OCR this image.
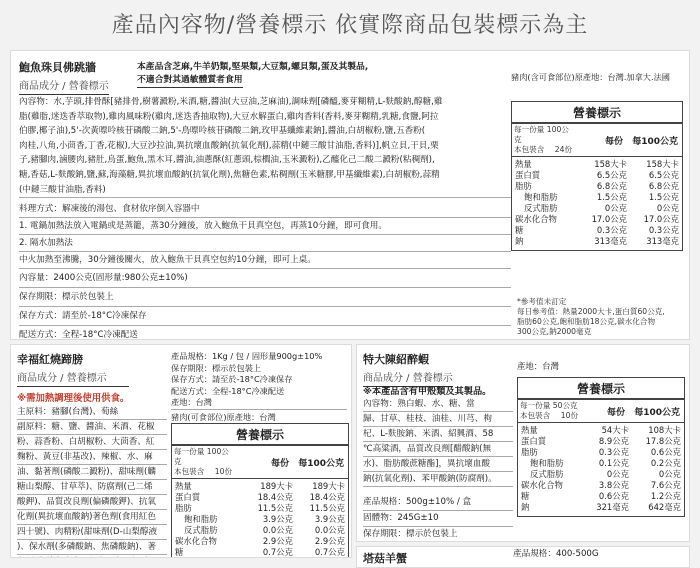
產品內容物/營養標示 依實際商品包裝標示為主
鮑魚珠貝佛跳牆
商品成分 / 營養標示
本產品含芝麻,牛羊奶類,堅果類,大豆類,螺貝類,蛋及其製品,
不適合對其過敏體質者食用	豬肉(含可食部位)原產地：台灣.加拿大.法國
內容物：水,芋頭,排骨酥[豬排骨,樹薯澱粉,米酒,糖,醬油(大豆油,芝麻油),調味劑[磷醯,麥芽糊精,L-麩酸鈉,醇糖,雞
脂(雞脂,迷迭香萃取物),雞肉風味粉(雞肉,迷迭香抽取物),大豆水解蛋白,雞肉香料(香料,麥芽糊精,乳糖,食鹽,阿拉
伯膠,椰子油),5'-次黃嘌呤核苷磷酸二鈉,5'-鳥嘌呤核苷磷酸二鈉,玫甲基纖維素鈉],醬油,白胡椒粉,鹽,五香粉(
肉桂,八角,小茴香,丁香,花椒),大豆沙拉油,異抗壞血酸鈉(抗氧化劑),蒜精(中鏈三酸甘油脂,香料)],帆立貝,干貝,栗
子,豬腳肉,滷腰肉,豬肚,烏蛋,鮑魚,黑木耳,醬油,油蔥酥(紅蔥頭,棕櫚油,玉米澱粉),乙醯化己二酸二澱粉(粘稠劑),
糖,香菇,L-麩酸鈉,鹽,蘇,海藻糖,異抗壞血酸鈉(抗氧化劑),焦糖色素,粘稠劑(玉米糖膠,甲基纖維素),白胡椒粉,蒜精
(中鏈三酸甘油脂,香料)
料理方式：解凍後的湯包、食材依序倒入容器中
1. 電鍋加熱法放入電鍋或是蒸籠，蒸30分鐘後，放入鮑魚干貝真空包，再蒸10分鐘，即可食用。
2. 隔水加熱法
中火加熱至沸騰，30分鐘後關火，放入鮑魚干貝真空包約10分鐘，即可上桌。
內容量：2400公克(固形量:980公克±10%)
保存期限：標示於包裝上
保存方式：請至於-18°C冷凍保存
配送方式：全程-18°C冷凍配送
營養標示
每一份量 100公克
本包裝含 24份
每份 每100公克
熱量	158大卡	158大卡
蛋白質	6.5公克	6.5公克
脂肪	6.8公克	6.8公克
飽和脂肪	1.5公克	1.5公克
反式脂肪	0公克	0公克
碳水化合物	17.0公克	17.0公克
糖	0.3公克	0.3公克
鈉	313毫克	313毫克
*參考值未訂定
每日參考值：熱量2000大卡,蛋白質60公克,
脂肪60公克,飽和脂肪18公克,碳水化合物
300公克,鈉2000毫克
幸福紅燒蹄膀
商品成分 / 營養標示
※需加熱調理後使用供食。
主原料：豬腳(台灣)、萄絲
副原料：糖、鹽、醬油、米酒、花椒
粉、蒜香粉、白胡椒粉、大茴香、紅
麴粉、黃豆(非基改)、辣椒、水、麻
油、黏著劑(磷酸二澱粉)、甜味劑(麟
糖山梨醇、甘草萃)、防腐劑(己二烯
酸鉀)、品質改良劑(偏磷酸鉀)、抗氧
化劑(異抗壞血酸鈉)著色劑(食用紅色
四十號)、肉精粉(甜味劑(D-山梨醇液
)、保水劑(多磷酸鈉、焦磷酸鈉)、著
產品規格：1Kg / 包 / 固形量900g±10%
保存期限：標示於包裝上
保存方式：請至於-18°C冷凍保存
配送方式：全程-18°C冷凍配送
產地：台灣
豬肉(可食部位)原產地：台灣
營養標示
每一份量 100公克
本包裝含 10份
每份 每100公克
熱量	189大卡	189大卡
蛋白質	18.4公克	18.4公克
脂肪	11.5公克	11.5公克
飽和脂肪	3.9公克	3.9公克
反式脂肪	0.0公克	0.0公克
碳水化合物	2.9公克	2.9公克
糖	0.7公克	0.7公克
特大陳紹醉蝦
商品成分 / 營養標示
產地：台灣
※本產品含有甲殼類及其製品。
內容物：熟白蝦、水、糖、當
歸、甘草、桂枝、油桂、川芎、枸
杞、L-麩胺鈉、米酒、紹興酒、58
℃高粱酒，品質改良劑[醋酸鈉(無
水)、脂肪酸蔗糖酯]，異抗壞血酸
鈉(抗氧化劑)、苯甲酸鈉(防腐劑)。
產品規格：500g±10% / 盒
固體物：245G±10
保存期限：標示於包裝上
營養標示
每一份量 50公克
本包裝含 10份	每份 每100公克
熱量	54大卡	108大卡
蛋白質	8.9公克	17.8公克
脂肪	0.3公克	0.6公克
飽和脂肪	0.1公克	0.2公克
反式脂肪	0公克	0公克
碳水化合物	3.8公克	7.6公克
糖	0.6公克	1.2公克
鈉	321毫克	642毫克
塔菇羊蟹	產品規格：400-500G
